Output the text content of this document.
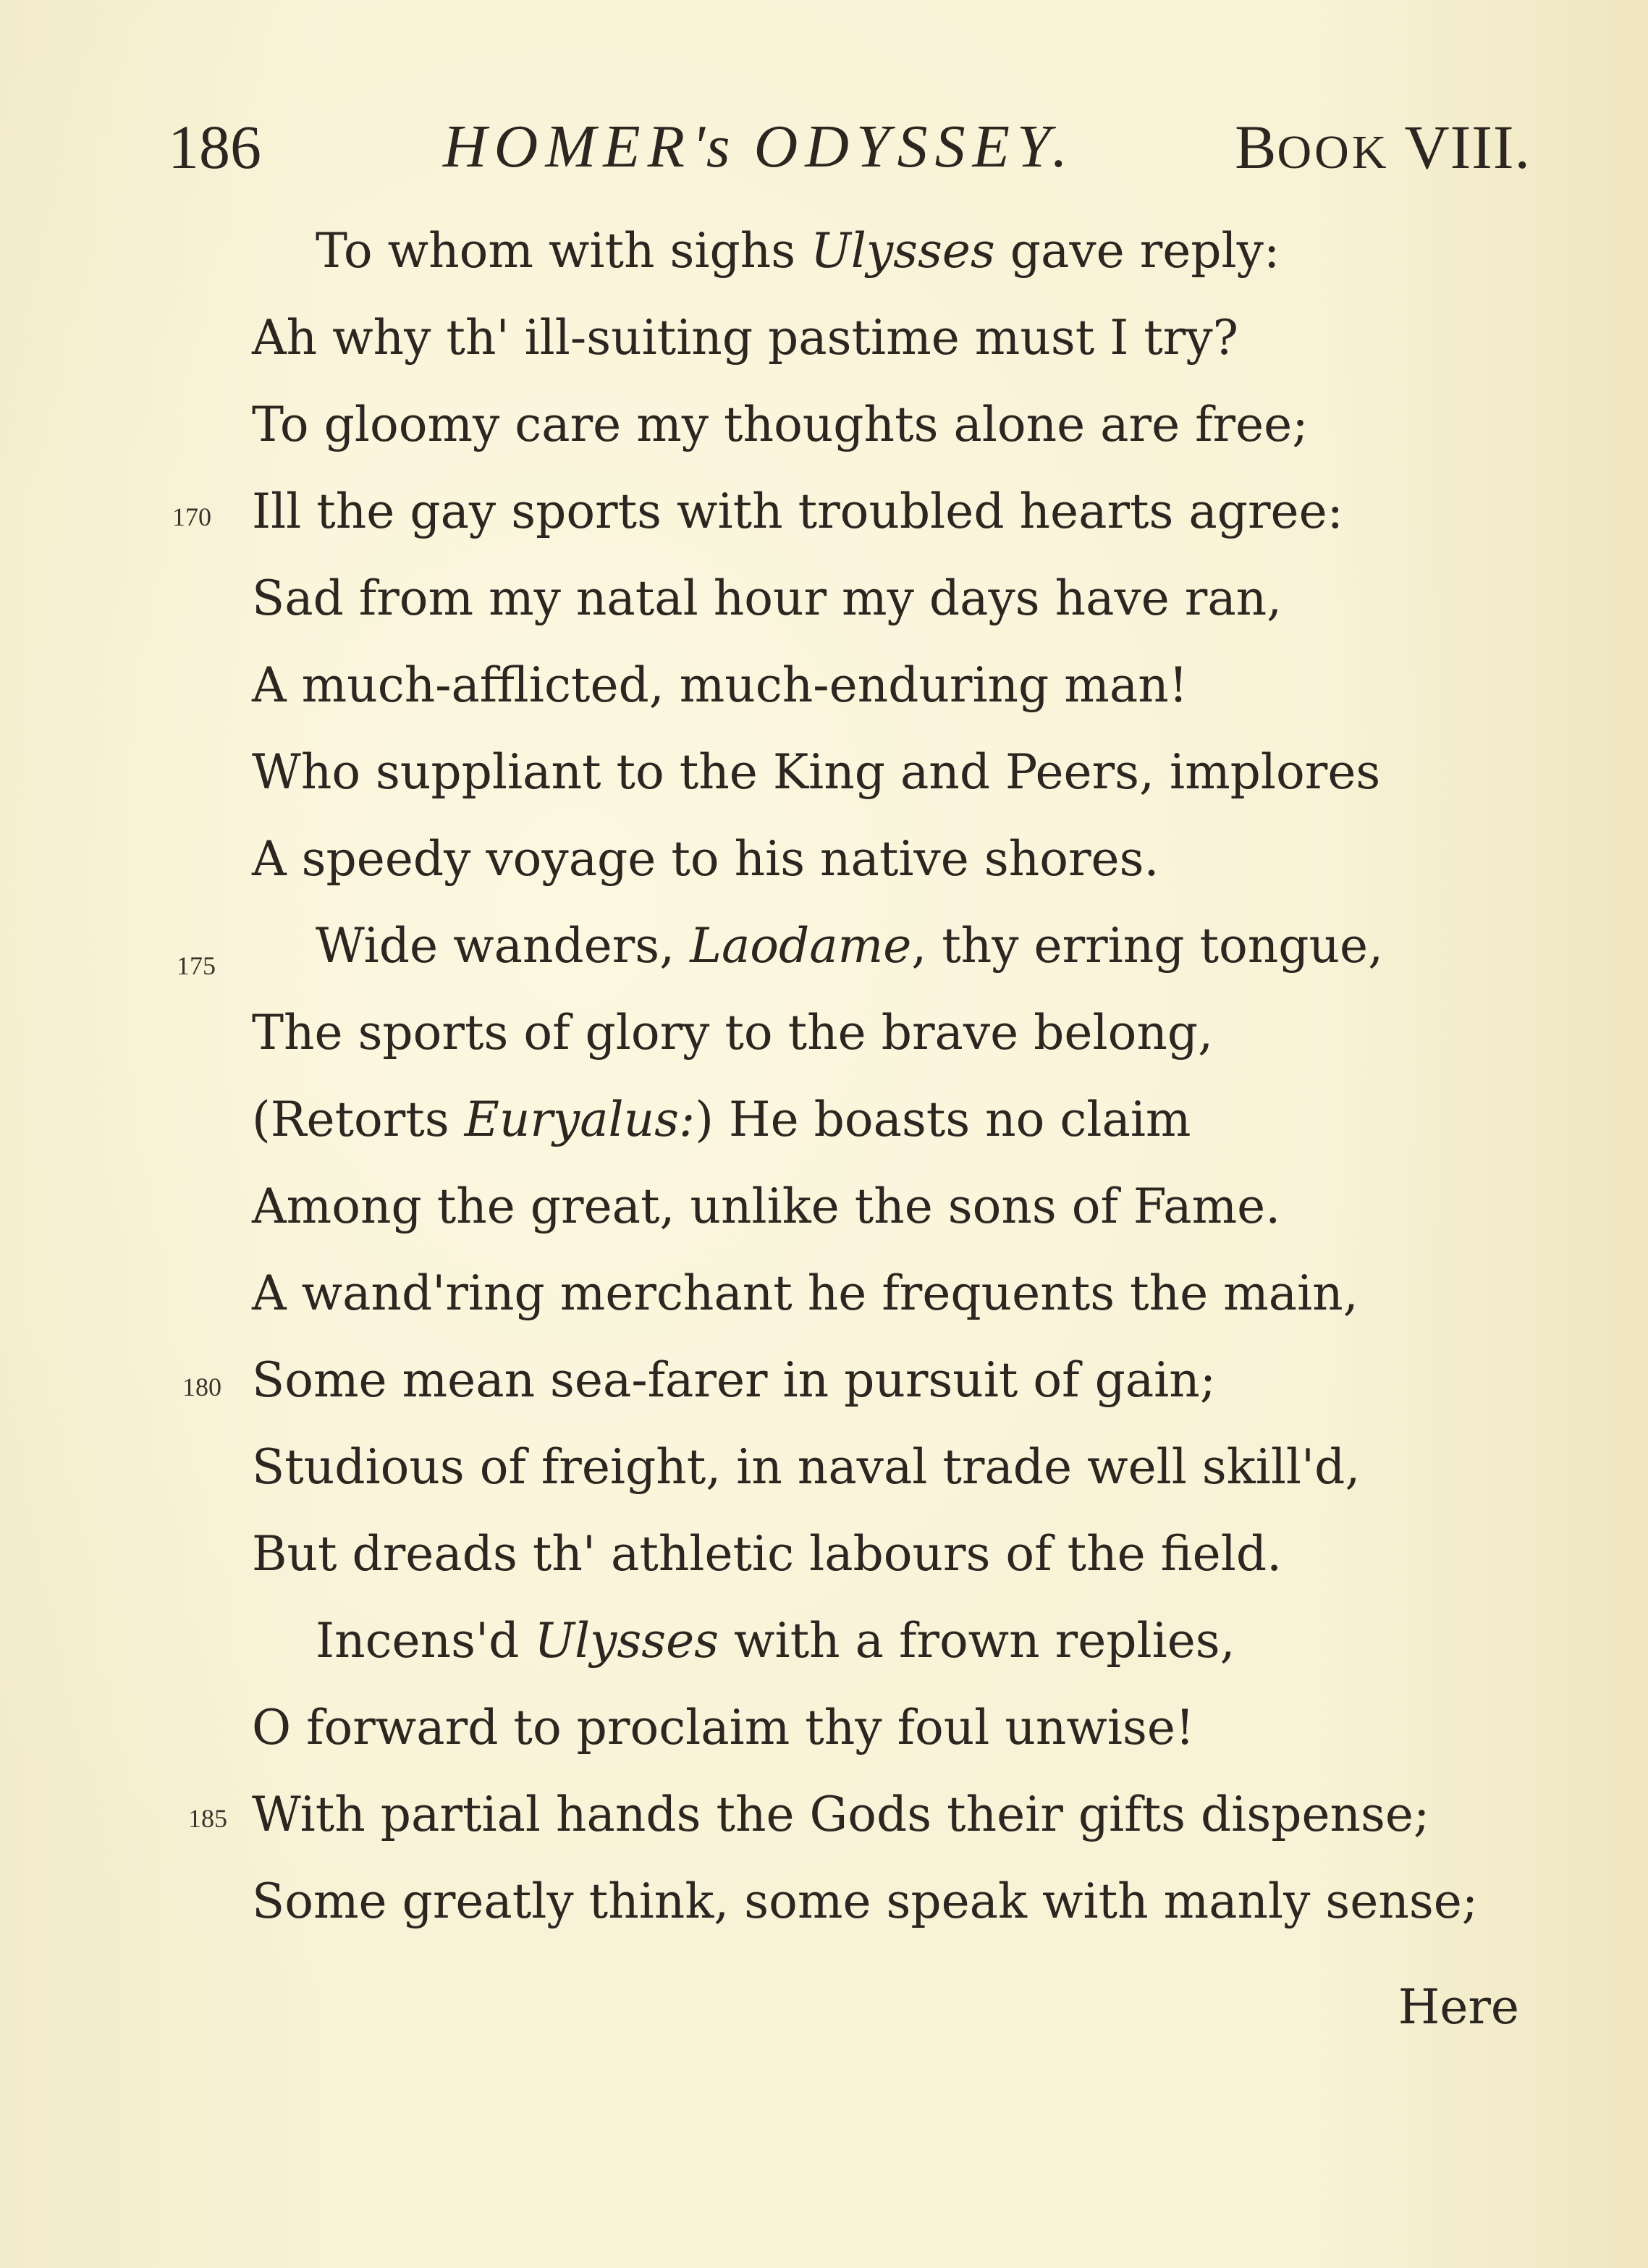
186	HOMER's ODYSSEY.	BOOK VIII.
To whom with sighs Ulysses gave reply:
Ah why th' ill-suiting pastime must I try?
To gloomy care my thoughts alone are free;
170 Ill the gay sports with troubled hearts agree:
Sad from my natal hour my days have ran,
A much-afflicted, much-enduring man!
Who suppliant to the King and Peers, implores
A speedy voyage to his native shores.
175 Wide wanders, Laodame, thy erring tongue,
The sports of glory to the brave belong,
(Retorts Euryalus:) He boasts no claim
Among the great, unlike the sons of Fame.
A wand'ring merchant he frequents the main,
180 Some mean sea-farer in pursuit of gain;
Studious of freight, in naval trade well skill'd,
But dreads th' athletic labours of the field.
Incens'd Ulysses with a frown replies,
O forward to proclaim thy foul unwise!
185 With partial hands the Gods their gifts dispense;
Some greatly think, some speak with manly sense;
Here
